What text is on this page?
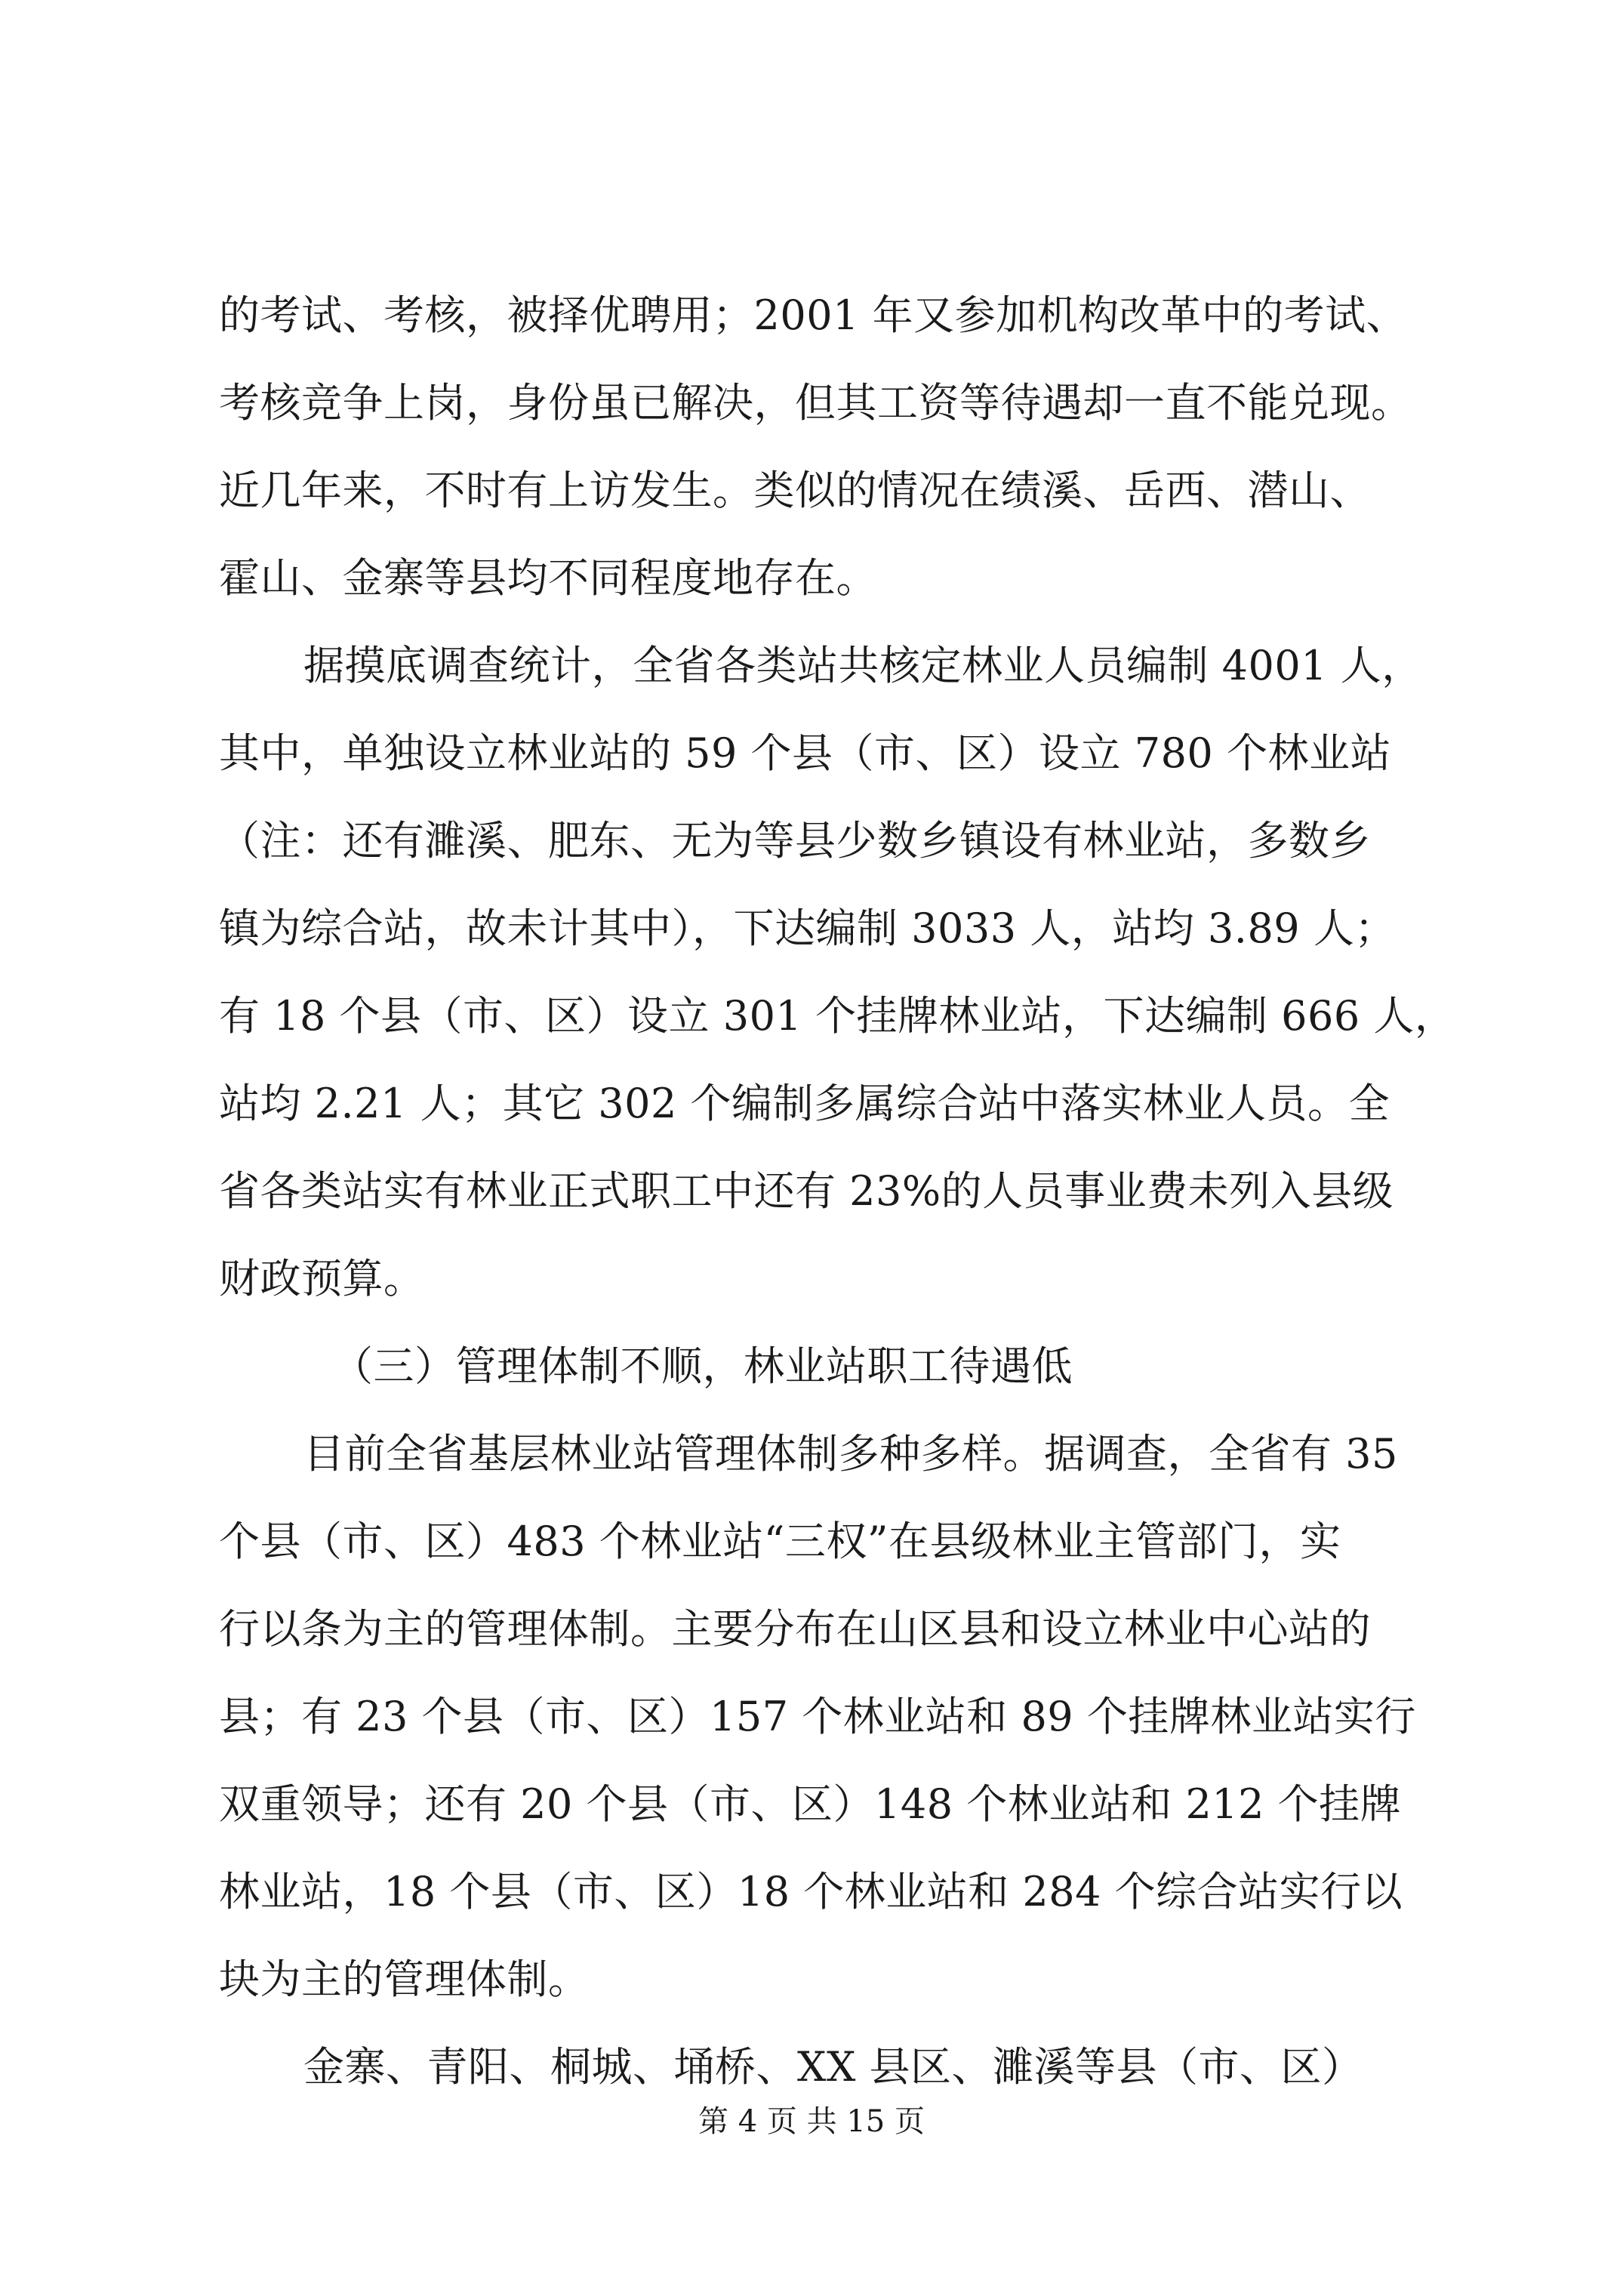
的考试、考核，被择优聘用；2001 年又参加机构改革中的考试、
考核竞争上岗，身份虽已解决，但其工资等待遇却一直不能兑现。
近几年来，不时有上访发生。类似的情况在绩溪、岳西、潜山、
霍山、金寨等县均不同程度地存在。
据摸底调查统计，全省各类站共核定林业人员编制 4001 人，
其中，单独设立林业站的 59 个县（市、区）设立 780 个林业站
（注：还有濉溪、肥东、无为等县少数乡镇设有林业站，多数乡
镇为综合站，故未计其中），下达编制 3033 人，站均 3.89 人；
有 18 个县（市、区）设立 301 个挂牌林业站，下达编制 666 人，
站均 2.21 人；其它 302 个编制多属综合站中落实林业人员。全
省各类站实有林业正式职工中还有 23%的人员事业费未列入县级
财政预算。
（三）管理体制不顺，林业站职工待遇低
目前全省基层林业站管理体制多种多样。据调查，全省有 35
个县（市、区）483 个林业站“三权”在县级林业主管部门，实
行以条为主的管理体制。主要分布在山区县和设立林业中心站的
县；有 23 个县（市、区）157 个林业站和 89 个挂牌林业站实行
双重领导；还有 20 个县（市、区）148 个林业站和 212 个挂牌
林业站，18 个县（市、区）18 个林业站和 284 个综合站实行以
块为主的管理体制。
金寨、青阳、桐城、埇桥、XX 县区、濉溪等县（市、区）
第 4 页 共 15 页
